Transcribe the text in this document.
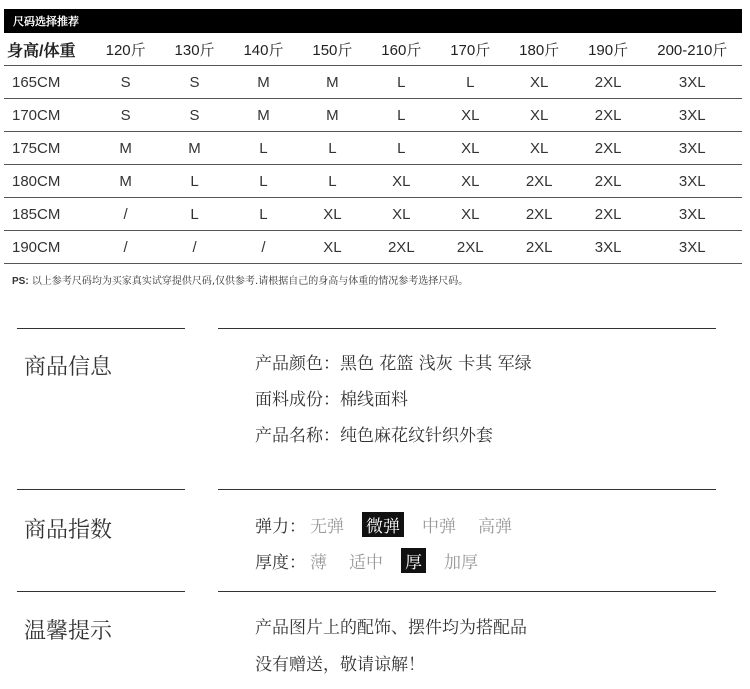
尺码选择推荐
身高/体重	120斤	130斤	140斤	150斤	160斤	170斤	180斤	190斤	200-210斤
165CM	S	S	M	M	L	L	XL	2XL	3XL
170CM	S	S	M	M	L	XL	XL	2XL	3XL
175CM	M	M	L	L	L	XL	XL	2XL	3XL
180CM	M	L	L	L	XL	XL	2XL	2XL	3XL
185CM	/	L	L	XL	XL	XL	2XL	2XL	3XL
190CM	/	/	/	XL	2XL	2XL	2XL	3XL	3XL
PS: 以上参考尺码均为买家真实试穿提供尺码,仅供参考.请根据自己的身高与体重的情况参考选择尺码。
商品信息	产品颜色：黑色 花篮 浅灰 卡其 军绿
面料成份：棉线面料
产品名称：纯色麻花纹针织外套
商品指数	弹力： 无弹 微弹 中弹 高弹
厚度： 薄 适中 厚 加厚
温馨提示	产品图片上的配饰、摆件均为搭配品
没有赠送，敬请谅解！
